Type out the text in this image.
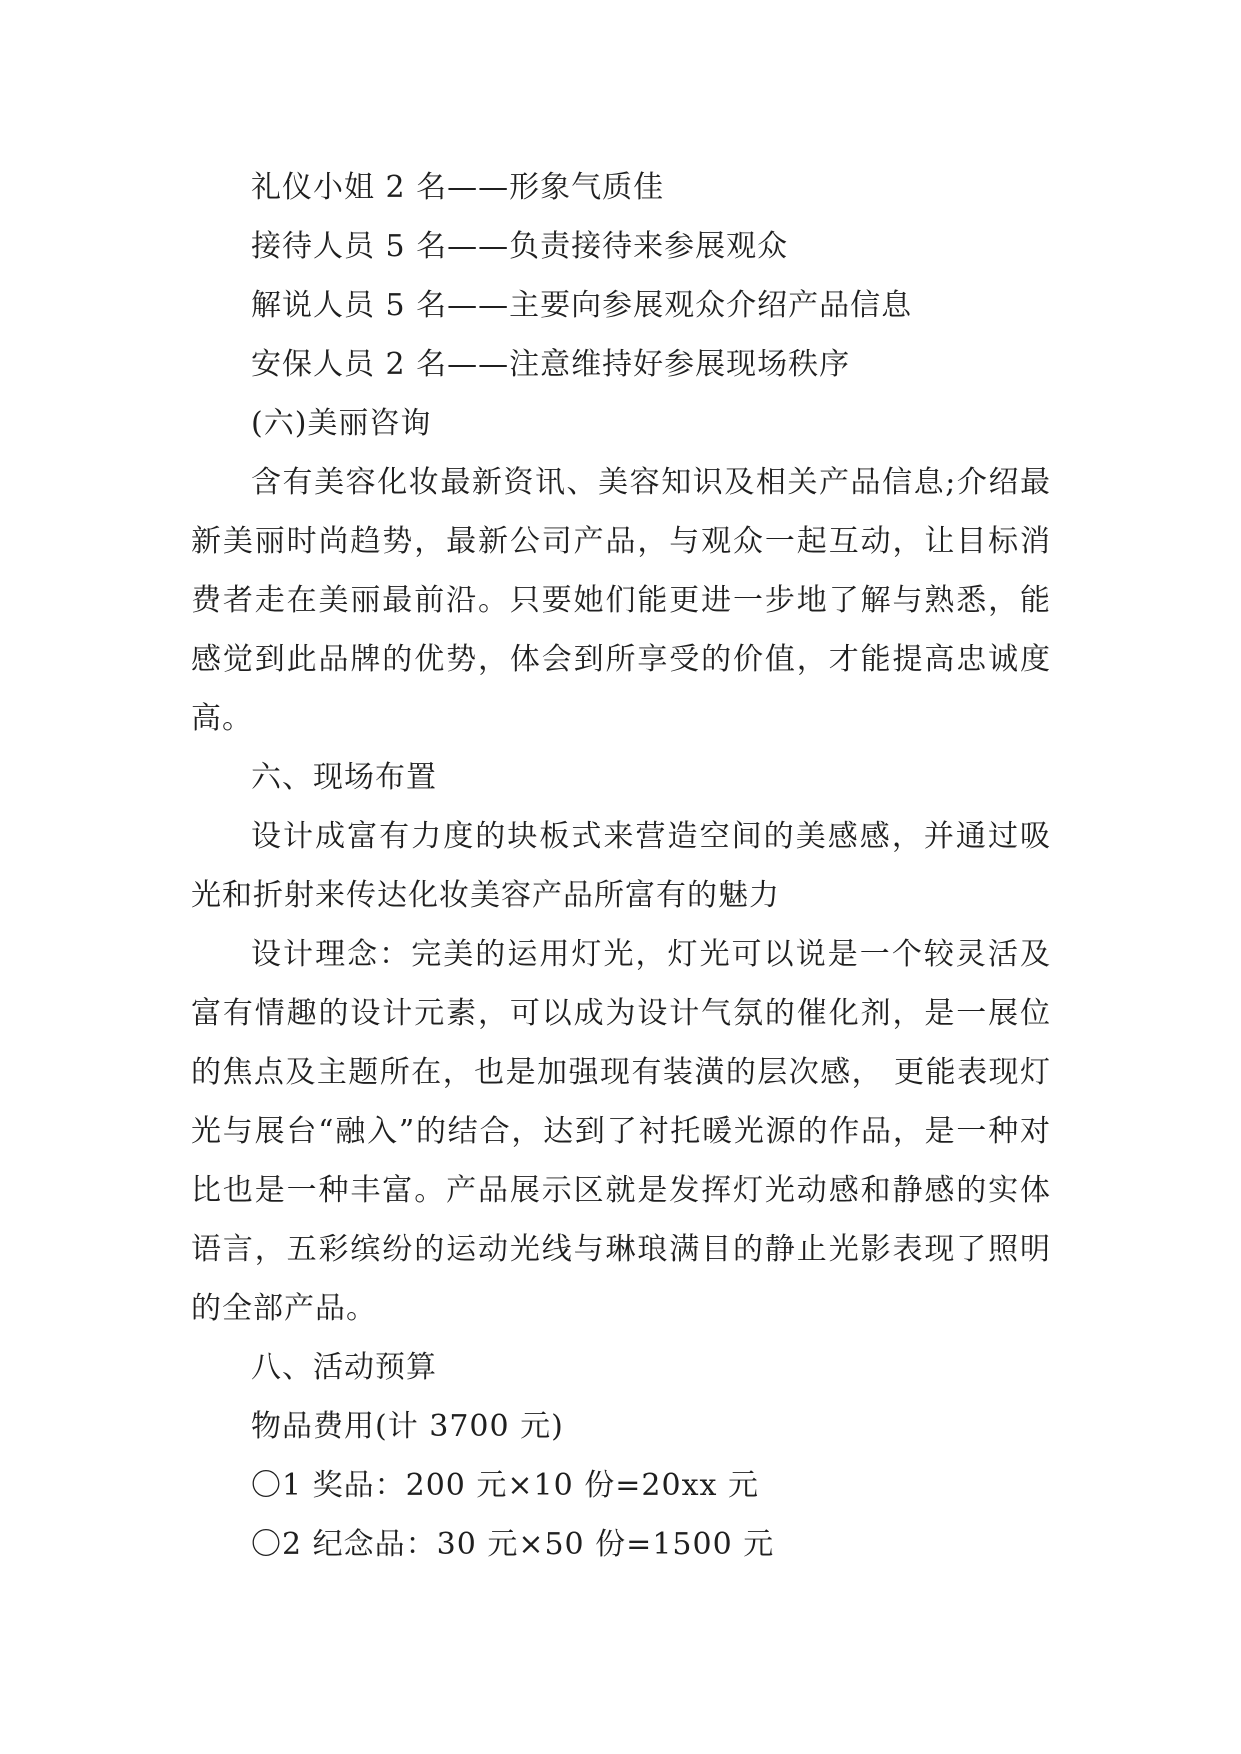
礼仪小姐 2 名——形象气质佳

接待人员 5 名——负责接待来参展观众

解说人员 5 名——主要向参展观众介绍产品信息

安保人员 2 名——注意维持好参展现场秩序

(六)美丽咨询

含有美容化妆最新资讯、美容知识及相关产品信息;介绍最新美丽时尚趋势，最新公司产品，与观众一起互动，让目标消费者走在美丽最前沿。只要她们能更进一步地了解与熟悉，能感觉到此品牌的优势，体会到所享受的价值，才能提高忠诚度高。

六、现场布置

设计成富有力度的块板式来营造空间的美感感，并通过吸光和折射来传达化妆美容产品所富有的魅力

设计理念：完美的运用灯光，灯光可以说是一个较灵活及富有情趣的设计元素，可以成为设计气氛的催化剂，是一展位的焦点及主题所在，也是加强现有装潢的层次感， 更能表现灯光与展台“融入”的结合，达到了衬托暖光源的作品，是一种对比也是一种丰富。产品展示区就是发挥灯光动感和静感的实体语言，五彩缤纷的运动光线与琳琅满目的静止光影表现了照明的全部产品。

八、活动预算

物品费用(计 3700 元)

〇1 奖品：200 元×10 份=20xx 元

〇2 纪念品：30 元×50 份=1500 元
